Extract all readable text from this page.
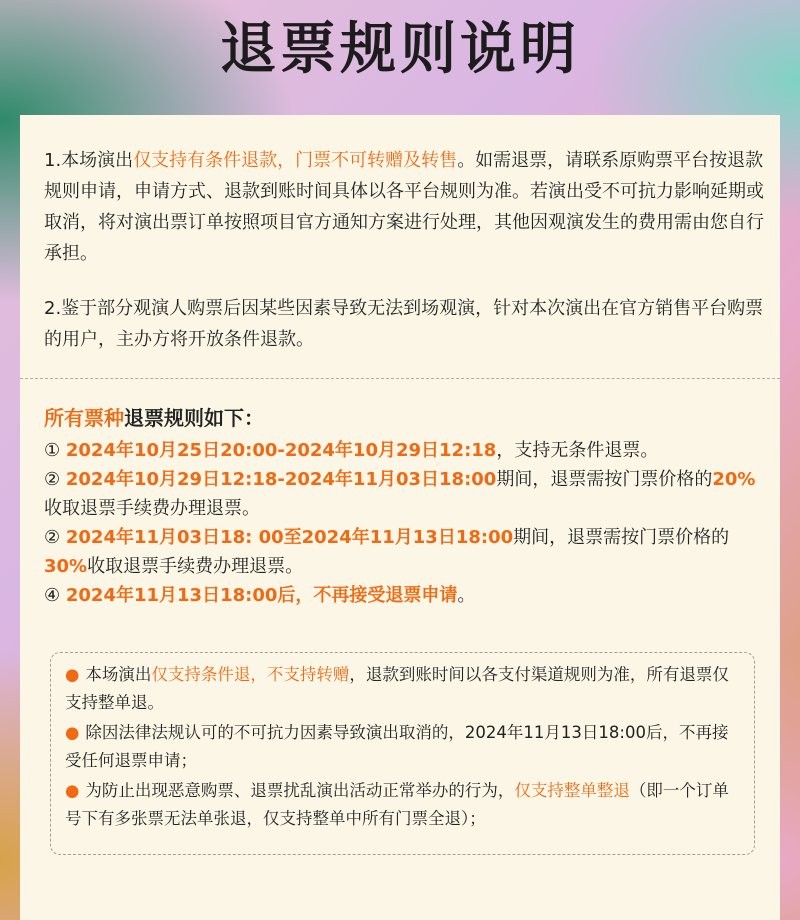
退票规则说明

1.本场演出仅支持有条件退款，门票不可转赠及转售。如需退票，请联系原购票平台按退款规则申请，申请方式、退款到账时间具体以各平台规则为准。若演出受不可抗力影响延期或取消，将对演出票订单按照项目官方通知方案进行处理，其他因观演发生的费用需由您自行承担。

2.鉴于部分观演人购票后因某些因素导致无法到场观演，针对本次演出在官方销售平台购票的用户，主办方将开放条件退款。

所有票种退票规则如下：

① 2024年10月25日20:00-2024年10月29日12:18，支持无条件退票。

② 2024年10月29日12:18-2024年11月03日18:00期间，退票需按门票价格的20%收取退票手续费办理退票。

② 2024年11月03日18: 00至2024年11月13日18:00期间，退票需按门票价格的30%收取退票手续费办理退票。

④ 2024年11月13日18:00后，不再接受退票申请。

● 本场演出仅支持条件退，不支持转赠，退款到账时间以各支付渠道规则为准，所有退票仅支持整单退。

● 除因法律法规认可的不可抗力因素导致演出取消的，2024年11月13日18:00后，不再接受任何退票申请；

● 为防止出现恶意购票、退票扰乱演出活动正常举办的行为，仅支持整单整退（即一个订单号下有多张票无法单张退，仅支持整单中所有门票全退）；
